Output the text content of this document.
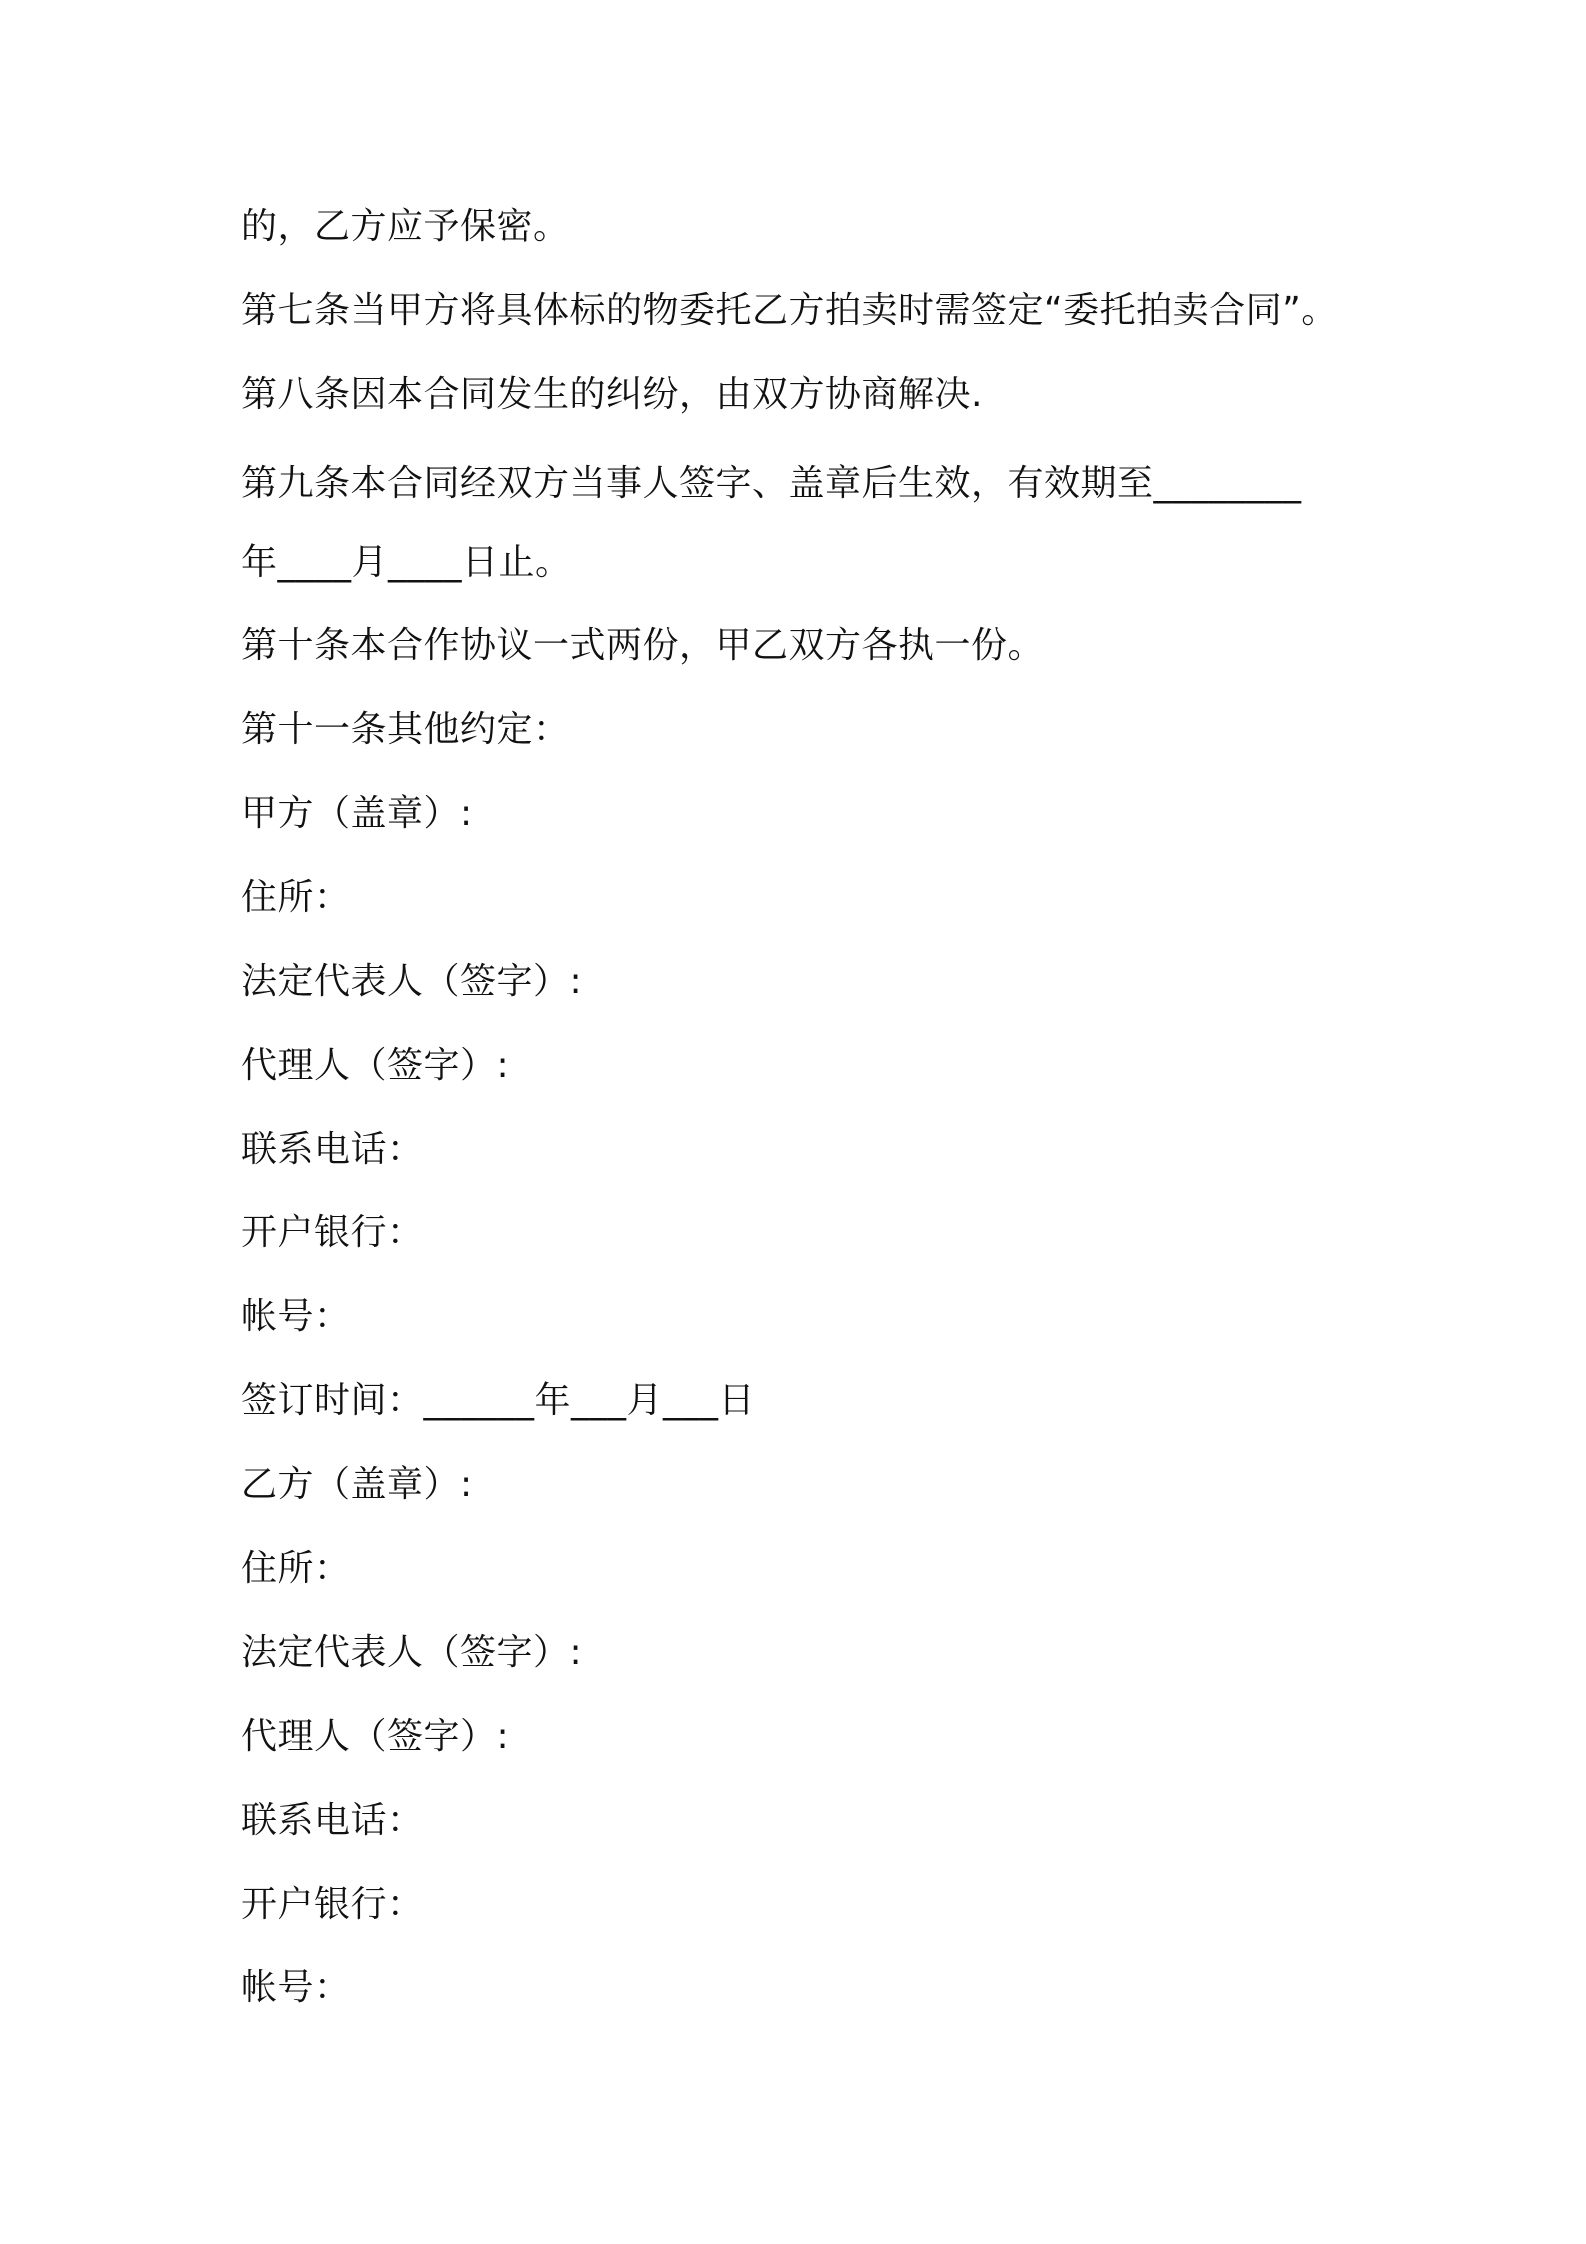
的，乙方应予保密。
第七条当甲方将具体标的物委托乙方拍卖时需签定“委托拍卖合同”。
第八条因本合同发生的纠纷，由双方协商解决.
第九条本合同经双方当事人签字、盖章后生效，有效期至________
年____月____日止。
第十条本合作协议一式两份，甲乙双方各执一份。
第十一条其他约定：
甲方（盖章）:
住所：
法定代表人（签字）:
代理人（签字）:
联系电话：
开户银行：
帐号：
签订时间：______年___月___日
乙方（盖章）:
住所：
法定代表人（签字）:
代理人（签字）:
联系电话：
开户银行：
帐号：
